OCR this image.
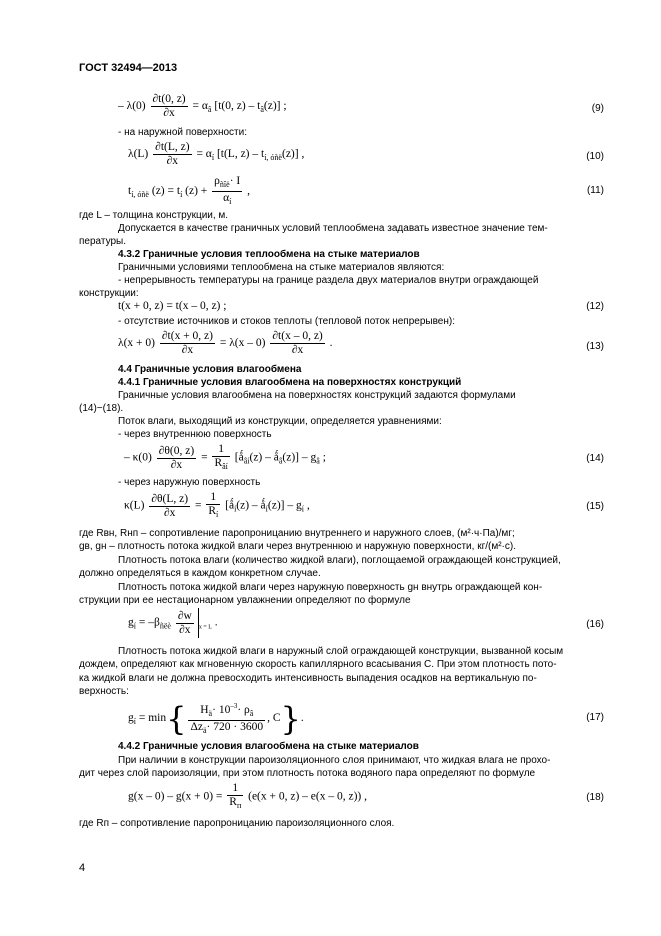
ГОСТ 32494—2013
– $\lambda(0) \frac{\partial t(0, z)}{\partial x} = \alpha_â$ [t(0, $z) - t_â(z)$] ;	(9)
- на наружной поверхности:
$\lambda(L) \frac{\partial t(L, z)}{\partial x} = \alpha_í$ [t(L, $z) - t_{í, óñë}(z)$] ,	(10)
$t_{í, óñë}$ $(z) = t_í$ $(z) + \frac{\rho_{ñîë}\cdot I}{\alpha_í}$ ,	(11)
где L – толщина конструкции, м.
Допускается в качестве граничных условий теплообмена задавать известное значение тем-
пературы.
4.3.2 Граничные условия теплообмена на стыке материалов
Граничными условиями теплообмена на стыке материалов являются:
- непрерывность температуры на границе раздела двух материалов внутри ограждающей
конструкции:
t(x + 0, z) = t(x – 0, z) ;	(12)
- отсутствие источников и стоков теплоты (тепловой поток непрерывен):
$\lambda(x + 0) \frac{\partial t(x + 0, z)}{\partial x} = \lambda(x - 0) \frac{\partial t(x - 0, z)}{\partial x}$ .	(13)
4.4 Граничные условия влагообмена
4.4.1 Граничные условия влагообмена на поверхностях конструкций
Граничные условия влагообмена на поверхностях конструкций задаются формулами
(14)−(18).
Поток влаги, выходящий из конструкции, определяется уравнениями:
- через внутреннюю поверхность
– $\kappa(0) \frac{\partial\theta(0, z)}{\partial x} = \frac{1}{R_{âí}}$ [$ǻ_{âí}(z)$ – $ǻ_â(z)] - g_â$ ;	(14)
- через наружную поверхность
$\kappa(L) \frac{\partial\theta(L, z)}{\partial x} = \frac{1}{R_í}$ [$ǻ_í(z)$ – $ǻ_í(z)] - g_í$ ,	(15)
где Rвн, Rнп – сопротивление паропроницанию внутреннего и наружного слоев, (м²·ч·Па)/мг;
gв, gн – плотность потока жидкой влаги через внутреннюю и наружную поверхности, кг/(м²·с).
Плотность потока влаги (количество жидкой влаги), поглощаемой ограждающей конструкцией,
должно определяться в каждом конкретном случае.
Плотность потока жидкой влаги через наружную поверхность gн внутрь ограждающей кон-
струкции при ее нестационарном увлажнении определяют по формуле
$g_í = -\beta_{ñëè} \frac{\partial w}{\partial x} _{x = L}$ .	(16)
Плотность потока жидкой влаги в наружный слой ограждающей конструкции, вызванной косым
дождем, определяют как мгновенную скорость капиллярного всасывания C. При этом плотность пото-
ка жидкой влаги не должна превосходить интенсивность выпадения осадков на вертикальную по-
верхность:
$g_í = \min\{ \frac{H_ä\cdot 10^{-3}\cdot \rho_â}{\Delta z_ä\cdot 720 \cdot 3600}$ , C}.	(17)
4.4.2 Граничные условия влагообмена на стыке материалов
При наличии в конструкции пароизоляционного слоя принимают, что жидкая влага не прохо-
дит через слой пароизоляции, при этом плотность потока водяного пара определяют по формуле
$g(x - 0) - g(x + 0) = \frac{1}{R_п} (e(x + 0$, z) – e(x – 0, z)) ,	(18)
где Rп – сопротивление паропроницанию пароизоляционного слоя.
4
